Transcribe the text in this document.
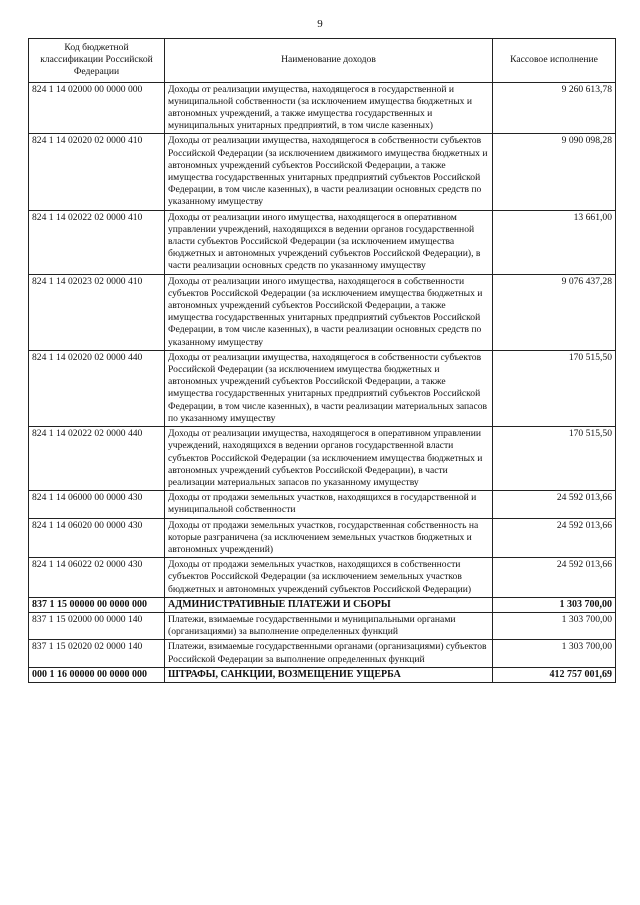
9
Код бюджетной классификации Российской Федерации	Наименование доходов	Кассовое исполнение
824 1 14 02000 00 0000 000	Доходы от реализации имущества, находящегося в государственной и муниципальной собственности (за исключением имущества бюджетных и автономных учреждений, а также имущества государственных и муниципальных унитарных предприятий, в том числе казенных)	9 260 613,78
824 1 14 02020 02 0000 410	Доходы от реализации имущества, находящегося в собственности субъектов Российской Федерации (за исключением движимого имущества бюджетных и автономных учреждений субъектов Российской Федерации, а также имущества государственных унитарных предприятий субъектов Российской Федерации, в том числе казенных), в части реализации основных средств по указанному имуществу	9 090 098,28
824 1 14 02022 02 0000 410	Доходы от реализации иного имущества, находящегося в оперативном управлении учреждений, находящихся в ведении органов государственной власти субъектов Российской Федерации (за исключением имущества бюджетных и автономных учреждений субъектов Российской Федерации), в части реализации основных средств по указанному имуществу	13 661,00
824 1 14 02023 02 0000 410	Доходы от реализации иного имущества, находящегося в собственности субъектов Российской Федерации (за исключением имущества бюджетных и автономных учреждений субъектов Российской Федерации, а также имущества государственных унитарных предприятий субъектов Российской Федерации, в том числе казенных), в части реализации основных средств по указанному имуществу	9 076 437,28
824 1 14 02020 02 0000 440	Доходы от реализации имущества, находящегося в собственности субъектов Российской Федерации (за исключением имущества бюджетных и автономных учреждений субъектов Российской Федерации, а также имущества государственных унитарных предприятий субъектов Российской Федерации, в том числе казенных), в части реализации материальных запасов по указанному имуществу	170 515,50
824 1 14 02022 02 0000 440	Доходы от реализации имущества, находящегося в оперативном управлении учреждений, находящихся в ведении органов государственной власти субъектов Российской Федерации (за исключением имущества бюджетных и автономных учреждений субъектов Российской Федерации), в части реализации материальных запасов по указанному имуществу	170 515,50
824 1 14 06000 00 0000 430	Доходы от продажи земельных участков, находящихся в государственной и муниципальной собственности	24 592 013,66
824 1 14 06020 00 0000 430	Доходы от продажи земельных участков, государственная собственность на которые разграничена (за исключением земельных участков бюджетных и автономных учреждений)	24 592 013,66
824 1 14 06022 02 0000 430	Доходы от продажи земельных участков, находящихся в собственности субъектов Российской Федерации (за исключением земельных участков бюджетных и автономных учреждений субъектов Российской Федерации)	24 592 013,66
837 1 15 00000 00 0000 000	АДМИНИСТРАТИВНЫЕ ПЛАТЕЖИ И СБОРЫ	1 303 700,00
837 1 15 02000 00 0000 140	Платежи, взимаемые государственными и муниципальными органами (организациями) за выполнение определенных функций	1 303 700,00
837 1 15 02020 02 0000 140	Платежи, взимаемые государственными органами (организациями) субъектов Российской Федерации за выполнение определенных функций	1 303 700,00
000 1 16 00000 00 0000 000	ШТРАФЫ, САНКЦИИ, ВОЗМЕЩЕНИЕ УЩЕРБА	412 757 001,69
